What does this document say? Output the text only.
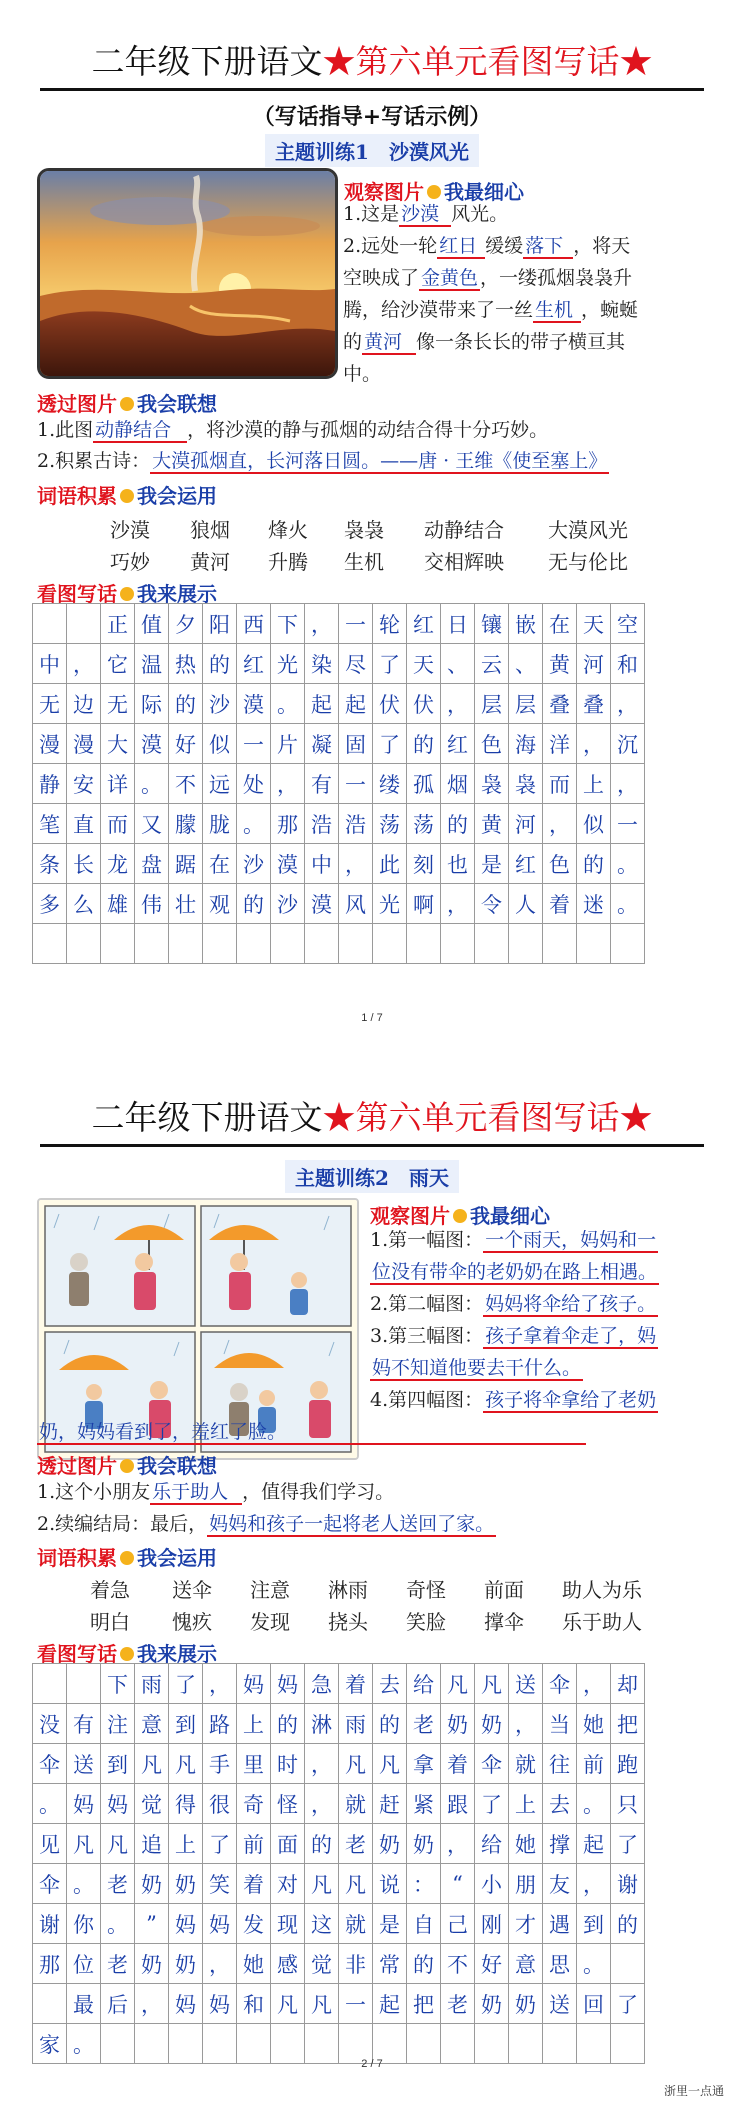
二年级下册语文★第六单元看图写话★
（写话指导+写话示例）
主题训练1　沙漠风光
观察图片 我最细心
1.这是 沙漠 风光。
2.远处一轮 红日 缓缓 落下 ，将天
空映成了 金黄色 ，一缕孤烟袅袅升
腾，给沙漠带来了一丝 生机 ，蜿蜒
的 黄河 像一条长长的带子横亘其
中。
透过图片 我会联想
1.此图 动静结合 ，将沙漠的静与孤烟的动结合得十分巧妙。
2.积累古诗： 大漠孤烟直，长河落日圆。——唐 · 王维《使至塞上》
词语积累 我会运用
沙漠 狼烟 烽火 袅袅 动静结合 大漠风光
巧妙 黄河 升腾 生机 交相辉映 无与伦比
看图写话 我来展示
		正	值	夕	阳	西	下	，	一	轮	红	日	镶	嵌	在	天	空
中	，	它	温	热	的	红	光	染	尽	了	天	、	云	、	黄	河	和
无	边	无	际	的	沙	漠	。	起	起	伏	伏	，	层	层	叠	叠	，
漫	漫	大	漠	好	似	一	片	凝	固	了	的	红	色	海	洋	，	沉
静	安	详	。	不	远	处	，	有	一	缕	孤	烟	袅	袅	而	上	，
笔	直	而	又	朦	胧	。	那	浩	浩	荡	荡	的	黄	河	，	似	一
条	长	龙	盘	踞	在	沙	漠	中	，	此	刻	也	是	红	色	的	。
多	么	雄	伟	壮	观	的	沙	漠	风	光	啊	，	令	人	着	迷	。

1 / 7
二年级下册语文★第六单元看图写话★
主题训练2　雨天
观察图片 我最细心
1.第一幅图： 一个雨天，妈妈和一
位没有带伞的老奶奶在路上相遇。
2.第二幅图： 妈妈将伞给了孩子。
3.第三幅图： 孩子拿着伞走了，妈
妈不知道他要去干什么。
4.第四幅图： 孩子将伞拿给了老奶
奶，妈妈看到了，羞红了脸。
透过图片 我会联想
1.这个小朋友 乐于助人 ，值得我们学习。
2.续编结局：最后， 妈妈和孩子一起将老人送回了家。
词语积累 我会运用
着急 送伞 注意 淋雨 奇怪 前面 助人为乐
明白 愧疚 发现 挠头 笑脸 撑伞 乐于助人
看图写话 我来展示
		下	雨	了	，	妈	妈	急	着	去	给	凡	凡	送	伞	，	却
没	有	注	意	到	路	上	的	淋	雨	的	老	奶	奶	，	当	她	把
伞	送	到	凡	凡	手	里	时	，	凡	凡	拿	着	伞	就	往	前	跑
。	妈	妈	觉	得	很	奇	怪	，	就	赶	紧	跟	了	上	去	。	只
见	凡	凡	追	上	了	前	面	的	老	奶	奶	，	给	她	撑	起	了
伞	。	老	奶	奶	笑	着	对	凡	凡	说	：	“	小	朋	友	，	谢
谢	你	。	”	妈	妈	发	现	这	就	是	自	己	刚	才	遇	到	的
那	位	老	奶	奶	，	她	感	觉	非	常	的	不	好	意	思	。	
	最	后	，	妈	妈	和	凡	凡	一	起	把	老	奶	奶	送	回	了
家	。																
2 / 7
浙里一点通
